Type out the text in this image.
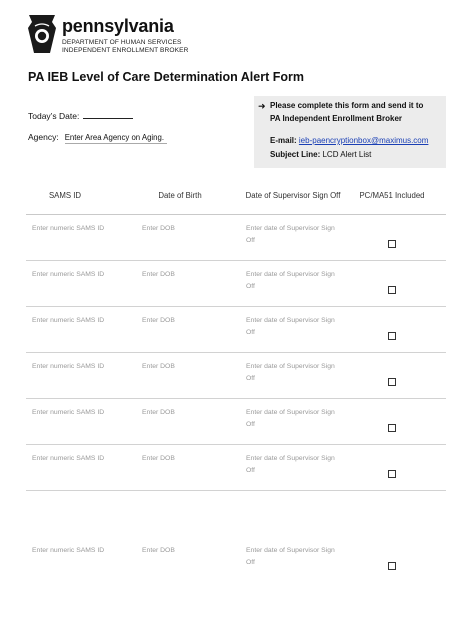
pennsylvania
DEPARTMENT OF HUMAN SERVICES
INDEPENDENT ENROLLMENT BROKER
PA IEB Level of Care Determination Alert Form
Today’s Date:
Agency: Enter Area Agency on Aging.
➜ Please complete this form and send it to
PA Independent Enrollment Broker
E-mail: ieb-paencryptionbox@maximus.com
Subject Line: LCD Alert List
SAMS ID	Date of Birth	Date of Supervisor Sign Off	PC/MA51 Included
Enter numeric SAMS ID	Enter DOB	Enter date of Supervisor Sign Off
Enter numeric SAMS ID	Enter DOB	Enter date of Supervisor Sign Off
Enter numeric SAMS ID	Enter DOB	Enter date of Supervisor Sign Off
Enter numeric SAMS ID	Enter DOB	Enter date of Supervisor Sign Off
Enter numeric SAMS ID	Enter DOB	Enter date of Supervisor Sign Off
Enter numeric SAMS ID	Enter DOB	Enter date of Supervisor Sign Off
Enter numeric SAMS ID	Enter DOB	Enter date of Supervisor Sign Off
